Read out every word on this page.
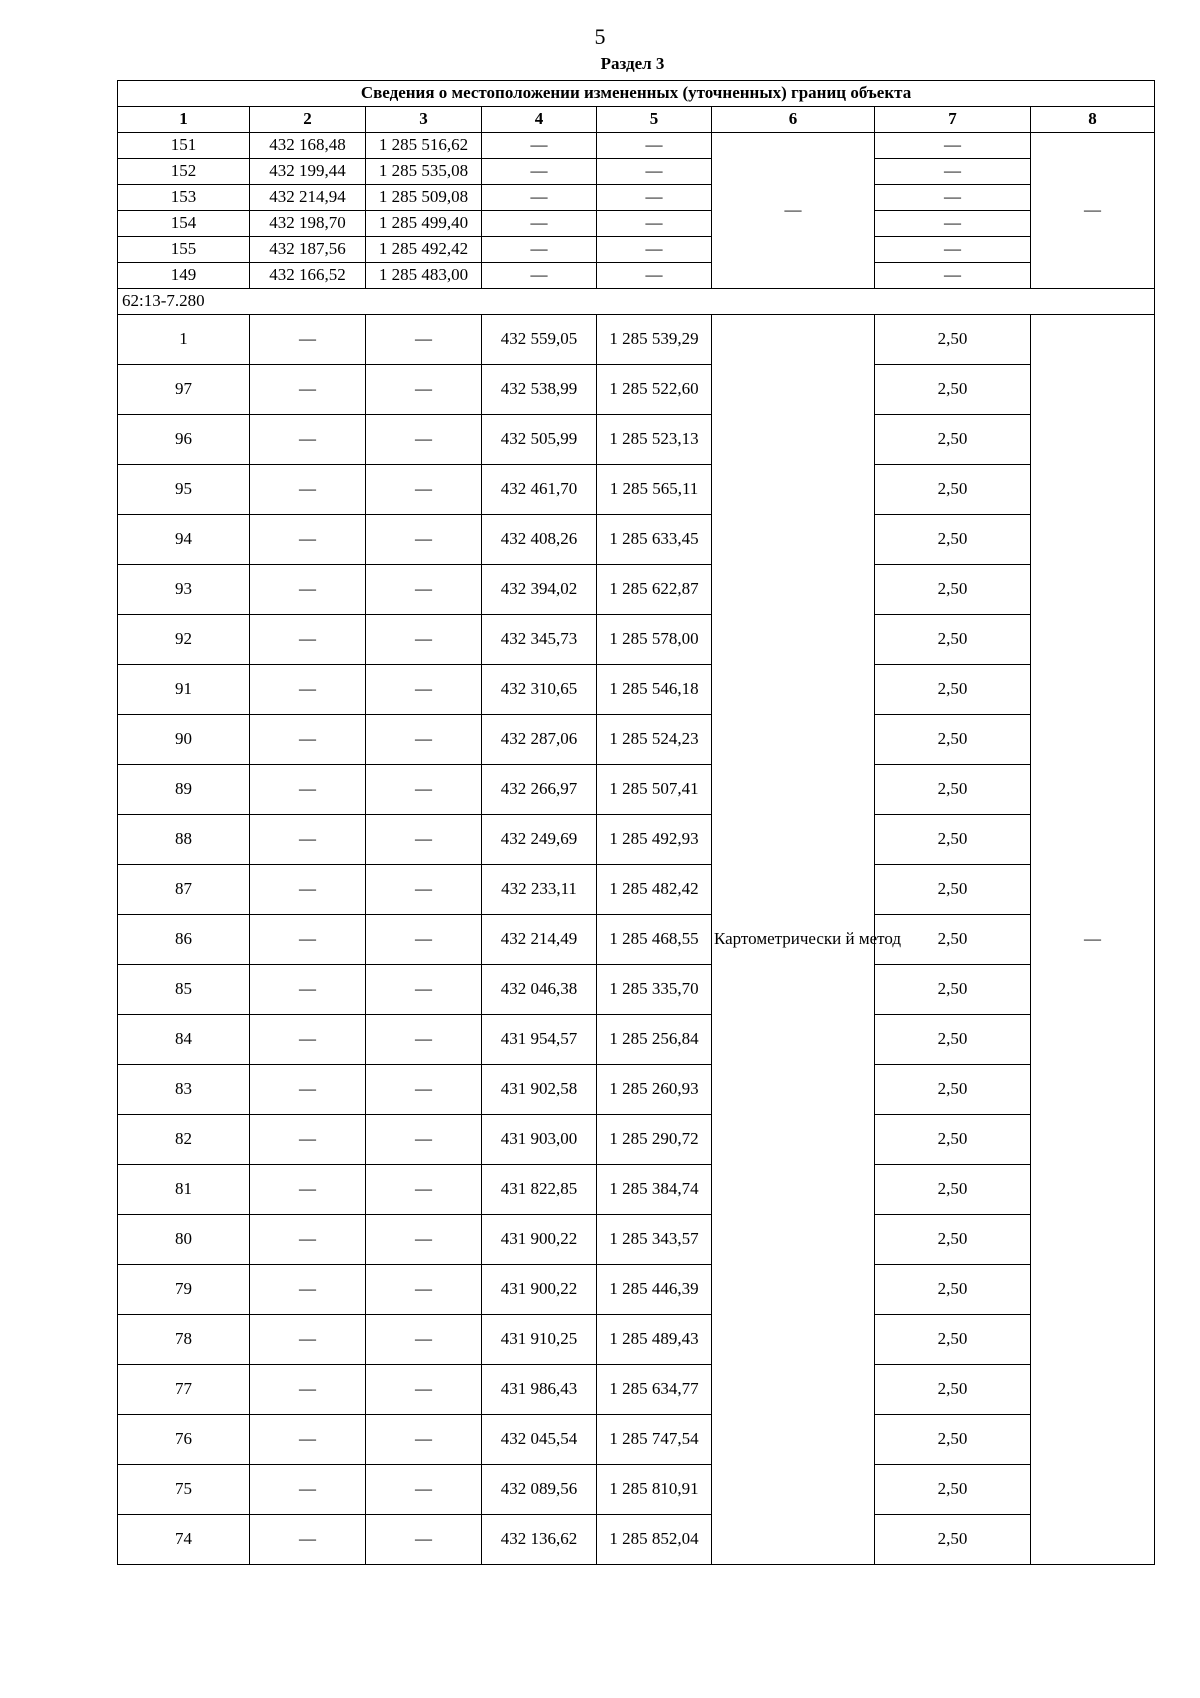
5
Раздел 3
Сведения о местоположении измененных (уточненных) границ объекта							
1	2	3	4	5	6	7	8
151	432 168,48	1 285 516,62	—	—	—	—	—
152	432 199,44	1 285 535,08	—	—		—	
153	432 214,94	1 285 509,08	—	—		—	
154	432 198,70	1 285 499,40	—	—		—	
155	432 187,56	1 285 492,42	—	—		—	
149	432 166,52	1 285 483,00	—	—		—	
62:13-7.280							
1	—	—	432 559,05	1 285 539,29	Картометрически й метод	2,50	—
97	—	—	432 538,99	1 285 522,60		2,50	
96	—	—	432 505,99	1 285 523,13		2,50	
95	—	—	432 461,70	1 285 565,11		2,50	
94	—	—	432 408,26	1 285 633,45		2,50	
93	—	—	432 394,02	1 285 622,87		2,50	
92	—	—	432 345,73	1 285 578,00		2,50	
91	—	—	432 310,65	1 285 546,18		2,50	
90	—	—	432 287,06	1 285 524,23		2,50	
89	—	—	432 266,97	1 285 507,41		2,50	
88	—	—	432 249,69	1 285 492,93		2,50	
87	—	—	432 233,11	1 285 482,42		2,50	
86	—	—	432 214,49	1 285 468,55		2,50	
85	—	—	432 046,38	1 285 335,70		2,50	
84	—	—	431 954,57	1 285 256,84		2,50	
83	—	—	431 902,58	1 285 260,93		2,50	
82	—	—	431 903,00	1 285 290,72		2,50	
81	—	—	431 822,85	1 285 384,74		2,50	
80	—	—	431 900,22	1 285 343,57		2,50	
79	—	—	431 900,22	1 285 446,39		2,50	
78	—	—	431 910,25	1 285 489,43		2,50	
77	—	—	431 986,43	1 285 634,77		2,50	
76	—	—	432 045,54	1 285 747,54		2,50	
75	—	—	432 089,56	1 285 810,91		2,50	
74	—	—	432 136,62	1 285 852,04		2,50	
